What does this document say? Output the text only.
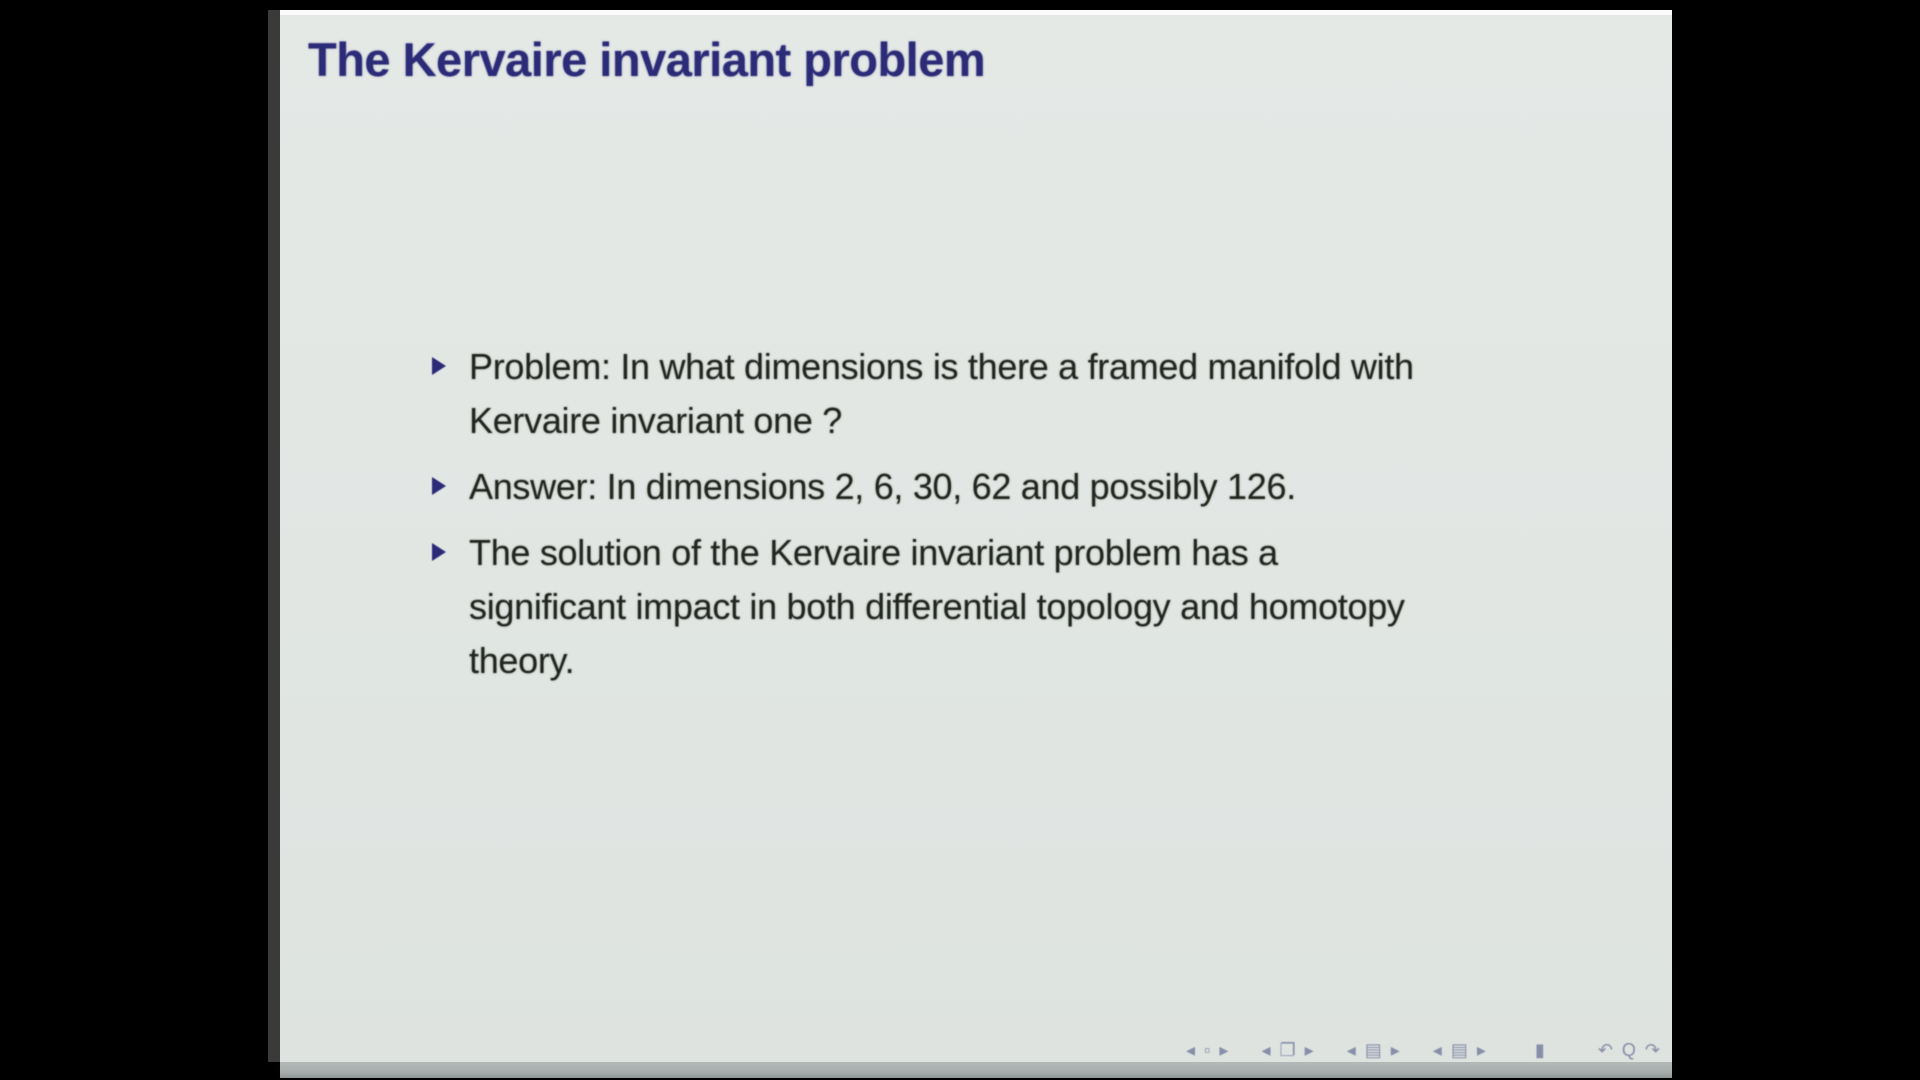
The Kervaire invariant problem
Problem: In what dimensions is there a framed manifold with
Kervaire invariant one ?
Answer: In dimensions 2, 6, 30, 62 and possibly 126.
The solution of the Kervaire invariant problem has a
significant impact in both differential topology and homotopy
theory.
◂ ▫ ▸ ◂ ❐ ▸ ◂ ▤ ▸ ◂ ▤ ▸	▮	↶ Q ↷
